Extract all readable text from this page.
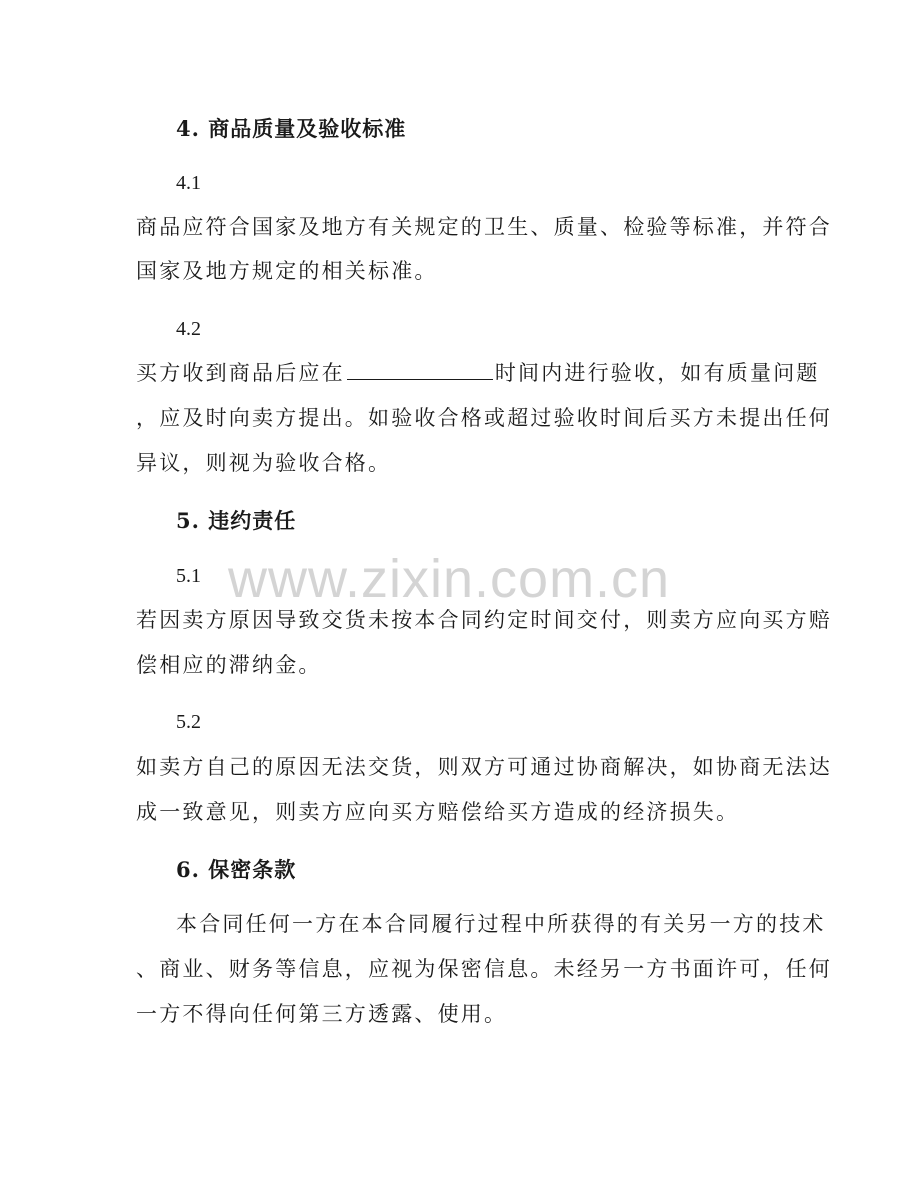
www.zixin.com.cn
4. 商品质量及验收标准
4.1
商品应符合国家及地方有关规定的卫生、质量、检验等标准，并符合
国家及地方规定的相关标准。
4.2
买方收到商品后应在	时间内进行验收，如有质量问题
，应及时向卖方提出。如验收合格或超过验收时间后买方未提出任何
异议，则视为验收合格。
5. 违约责任
5.1
若因卖方原因导致交货未按本合同约定时间交付，则卖方应向买方赔
偿相应的滞纳金。
5.2
如卖方自己的原因无法交货，则双方可通过协商解决，如协商无法达
成一致意见，则卖方应向买方赔偿给买方造成的经济损失。
6. 保密条款
本合同任何一方在本合同履行过程中所获得的有关另一方的技术
、商业、财务等信息，应视为保密信息。未经另一方书面许可，任何
一方不得向任何第三方透露、使用。
